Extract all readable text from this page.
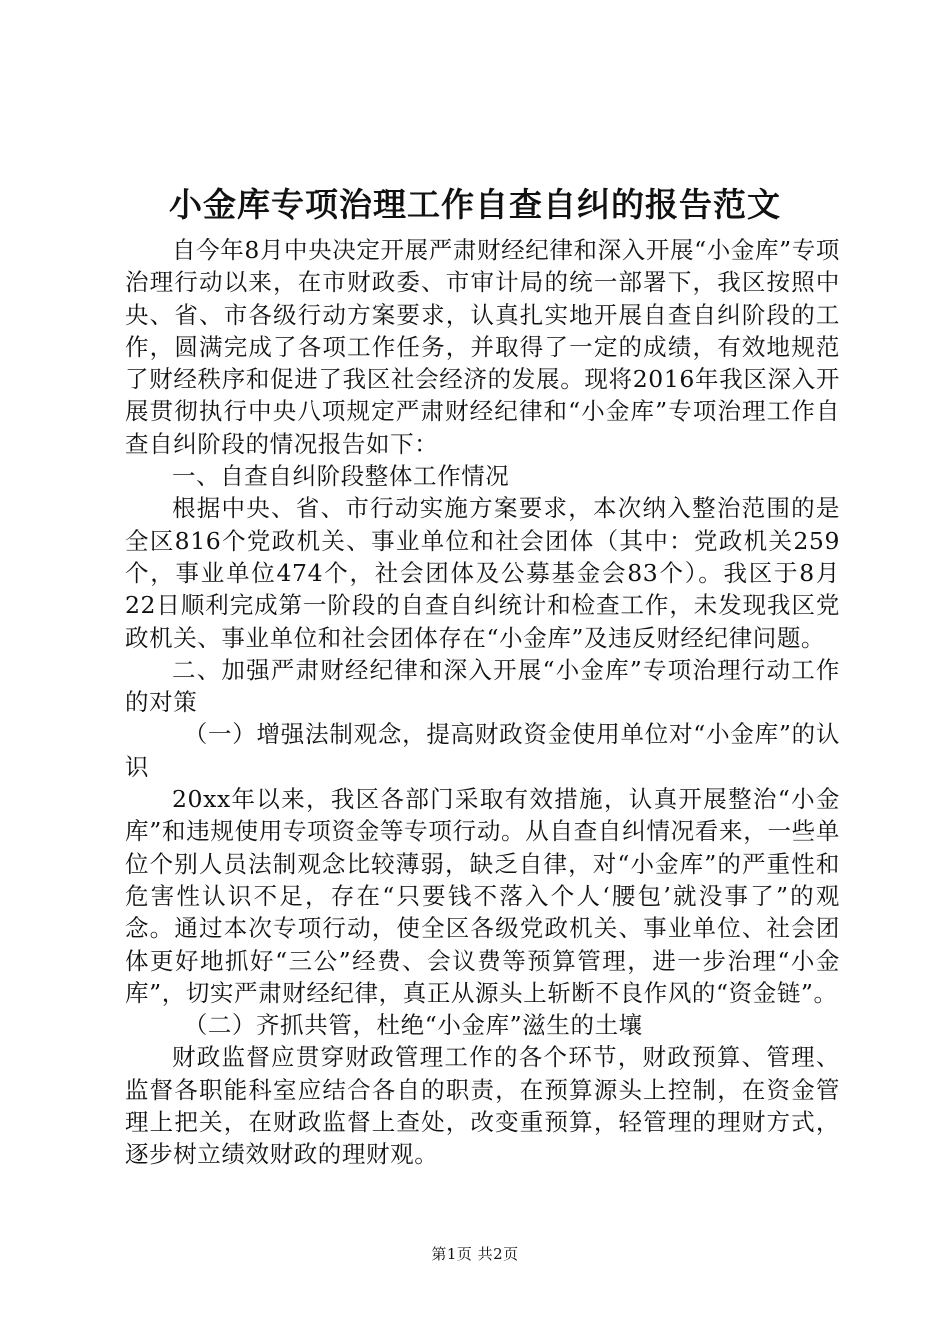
小金库专项治理工作自查自纠的报告范文

自今年8月中央决定开展严肃财经纪律和深入开展“小金库”专项治理行动以来，在市财政委、市审计局的统一部署下，我区按照中央、省、市各级行动方案要求，认真扎实地开展自查自纠阶段的工作，圆满完成了各项工作任务，并取得了一定的成绩，有效地规范了财经秩序和促进了我区社会经济的发展。现将2016年我区深入开展贯彻执行中央八项规定严肃财经纪律和“小金库”专项治理工作自查自纠阶段的情况报告如下：

一、自查自纠阶段整体工作情况

根据中央、省、市行动实施方案要求，本次纳入整治范围的是全区816个党政机关、事业单位和社会团体（其中：党政机关259个，事业单位474个，社会团体及公募基金会83个）。我区于8月22日顺利完成第一阶段的自查自纠统计和检查工作，未发现我区党政机关、事业单位和社会团体存在“小金库”及违反财经纪律问题。

二、加强严肃财经纪律和深入开展“小金库”专项治理行动工作的对策

（一）增强法制观念，提高财政资金使用单位对“小金库”的认识

20xx年以来，我区各部门采取有效措施，认真开展整治“小金库”和违规使用专项资金等专项行动。从自查自纠情况看来，一些单位个别人员法制观念比较薄弱，缺乏自律，对“小金库”的严重性和危害性认识不足，存在“只要钱不落入个人‘腰包’就没事了”的观念。通过本次专项行动，使全区各级党政机关、事业单位、社会团体更好地抓好“三公”经费、会议费等预算管理，进一步治理“小金库”，切实严肃财经纪律，真正从源头上斩断不良作风的“资金链”。

（二）齐抓共管，杜绝“小金库”滋生的土壤

财政监督应贯穿财政管理工作的各个环节，财政预算、管理、监督各职能科室应结合各自的职责，在预算源头上控制，在资金管理上把关，在财政监督上查处，改变重预算，轻管理的理财方式，逐步树立绩效财政的理财观。

第1页 共2页
